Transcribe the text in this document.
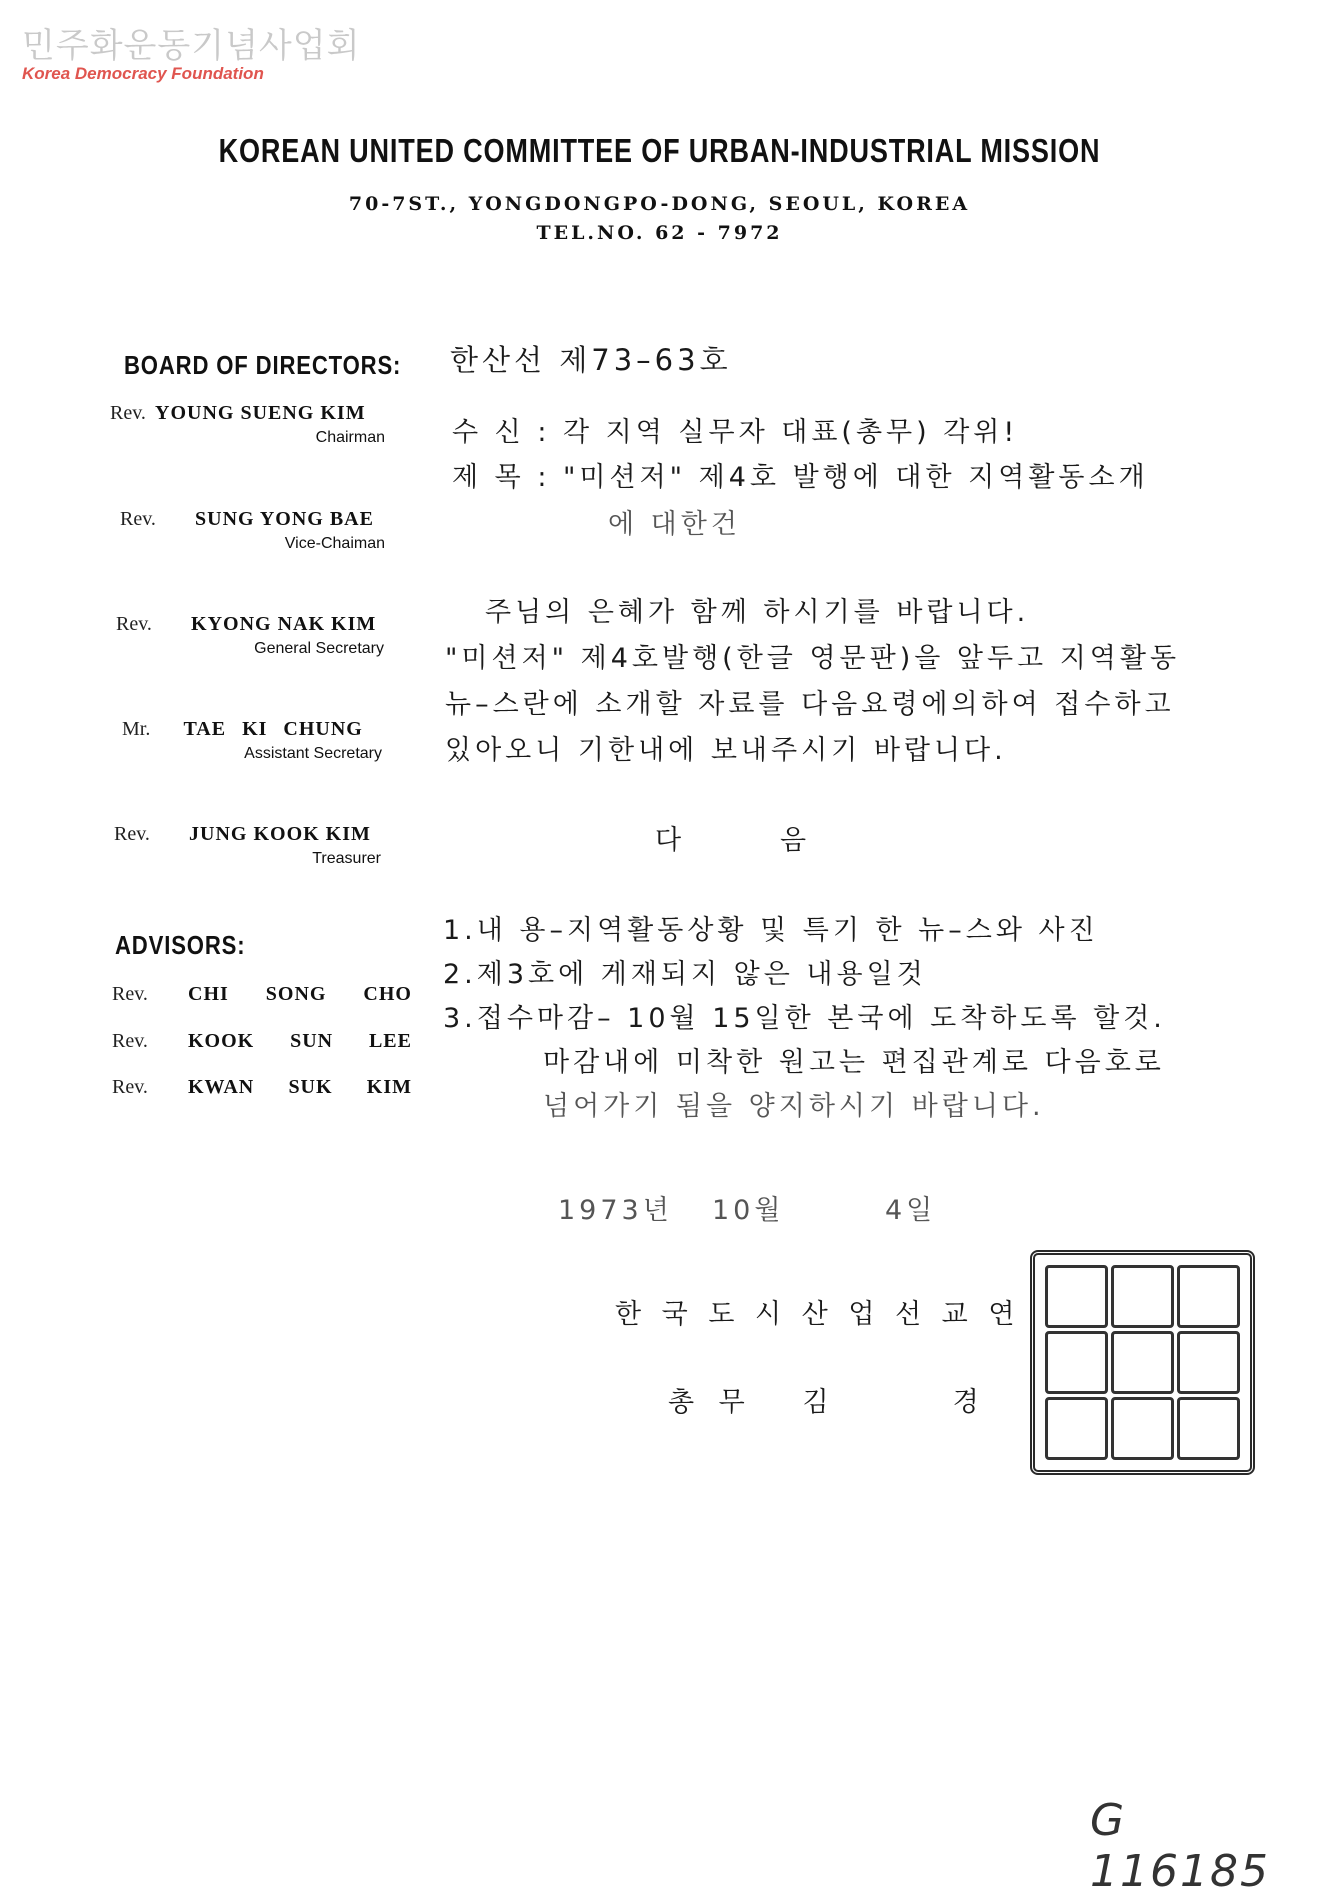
민주화운동기념사업회
Korea Democracy Foundation
KOREAN UNITED COMMITTEE OF URBAN-INDUSTRIAL MISSION
70-7ST., YONGDONGPO-DONG, SEOUL, KOREA
TEL.NO. 62 - 7972
BOARD OF DIRECTORS:
Rev. YOUNG SUENG KIM
Chairman
Rev. SUNG YONG BAE
Vice-Chaiman
Rev. KYONG NAK KIM
General Secretary
Mr. TAE KI CHUNG
Assistant Secretary
Rev. JUNG KOOK KIM
Treasurer
ADVISORS:
Rev.	CHI SONG CHO
Rev.	KOOK SUN LEE
Rev.	KWAN SUK KIM
한산선 제73–63호
수 신 : 각 지역 실무자 대표(총무) 각위!
제 목 : "미션저" 제4호 발행에 대한 지역활동소개
에 대한건
주님의 은혜가 함께 하시기를 바랍니다.
"미션저" 제4호발행(한글 영문판)을 앞두고 지역활동
뉴–스란에 소개할 자료를 다음요령에의하여 접수하고
있아오니 기한내에 보내주시기 바랍니다.
다	음
1.내 용–지역활동상황 및 특기 한 뉴–스와 사진
2.제3호에 게재되지 않은 내용일것
3.접수마감– 10월 15일한 본국에 도착하도록 할것.
마감내에 미착한 원고는 편집관계로 다음호로
넘어가기 됨을 양지하시기 바랍니다.
1973년 10월	4일
한 국 도 시 산 업 선 교 연
총 무   김       경
G 116185
